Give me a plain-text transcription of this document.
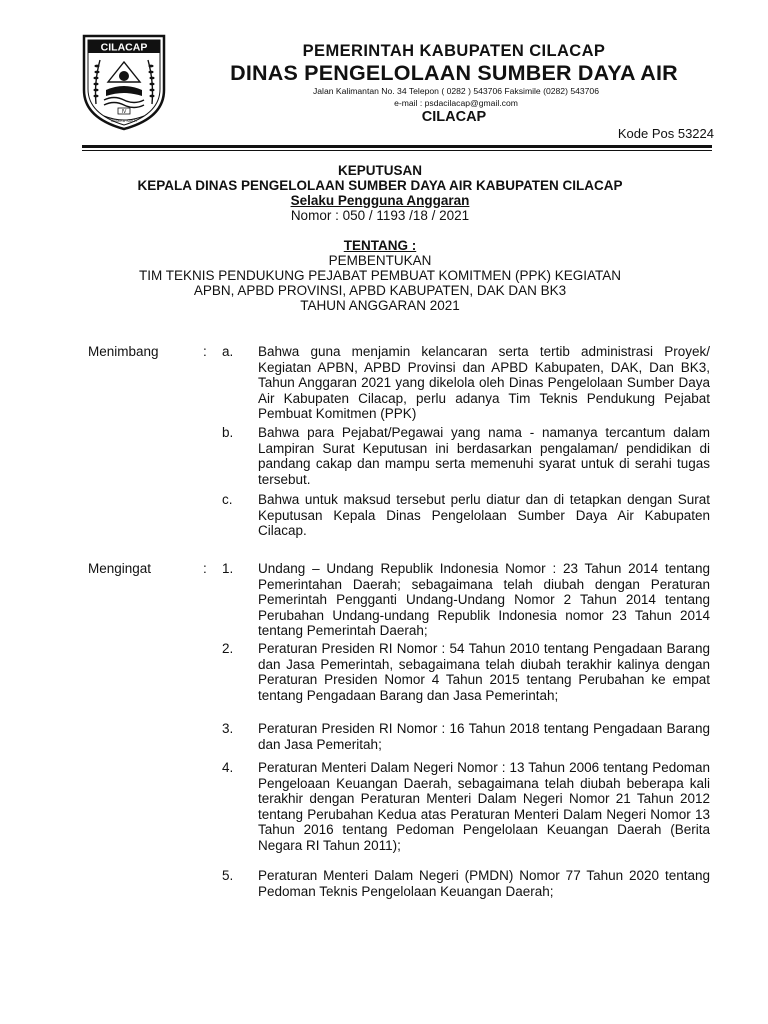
CILACAP
IV
BUMIKU SAKTI
PEMERINTAH KABUPATEN CILACAP
DINAS PENGELOLAAN SUMBER DAYA AIR
Jalan Kalimantan No. 34 Telepon ( 0282 ) 543706 Faksimile (0282) 543706
e-mail : psdacilacap@gmail.com
CILACAP
Kode Pos 53224
KEPUTUSAN
KEPALA DINAS PENGELOLAAN SUMBER DAYA AIR KABUPATEN CILACAP
Selaku Pengguna Anggaran
Nomor : 050 / 1193 /18 / 2021
TENTANG :
PEMBENTUKAN
TIM TEKNIS PENDUKUNG PEJABAT PEMBUAT KOMITMEN (PPK) KEGIATAN
APBN, APBD PROVINSI, APBD KABUPATEN, DAK DAN BK3
TAHUN ANGGARAN 2021
Menimbang	: a. Bahwa guna menjamin kelancaran serta tertib administrasi Proyek/ Kegiatan APBN, APBD Provinsi dan APBD Kabupaten, DAK, Dan BK3, Tahun Anggaran 2021 yang dikelola oleh Dinas Pengelolaan Sumber Daya Air Kabupaten Cilacap, perlu adanya Tim Teknis Pendukung Pejabat Pembuat Komitmen (PPK)
b. Bahwa para Pejabat/Pegawai yang nama - namanya tercantum dalam Lampiran Surat Keputusan ini berdasarkan pengalaman/ pendidikan di pandang cakap dan mampu serta memenuhi syarat untuk di serahi tugas tersebut.
c. Bahwa untuk maksud tersebut perlu diatur dan di tetapkan dengan Surat Keputusan Kepala Dinas Pengelolaan Sumber Daya Air Kabupaten Cilacap.
Mengingat	: 1. Undang – Undang Republik Indonesia Nomor : 23 Tahun 2014 tentang Pemerintahan Daerah; sebagaimana telah diubah dengan Peraturan Pemerintah Pengganti Undang-Undang Nomor 2 Tahun 2014 tentang Perubahan Undang-undang Republik Indonesia nomor 23 Tahun 2014 tentang Pemerintah Daerah;
2. Peraturan Presiden RI Nomor : 54 Tahun 2010 tentang Pengadaan Barang dan Jasa Pemerintah, sebagaimana telah diubah terakhir kalinya dengan Peraturan Presiden Nomor 4 Tahun 2015 tentang Perubahan ke empat tentang Pengadaan Barang dan Jasa Pemerintah;
3. Peraturan Presiden RI Nomor : 16 Tahun 2018 tentang Pengadaan Barang dan Jasa Pemeritah;
4. Peraturan Menteri Dalam Negeri Nomor : 13 Tahun 2006 tentang Pedoman Pengeloaan Keuangan Daerah, sebagaimana telah diubah beberapa kali terakhir dengan Peraturan Menteri Dalam Negeri Nomor 21 Tahun 2012 tentang Perubahan Kedua atas Peraturan Menteri Dalam Negeri Nomor 13 Tahun 2016 tentang Pedoman Pengelolaan Keuangan Daerah (Berita Negara RI Tahun 2011);
5. Peraturan Menteri Dalam Negeri (PMDN) Nomor 77 Tahun 2020 tentang Pedoman Teknis Pengelolaan Keuangan Daerah;
